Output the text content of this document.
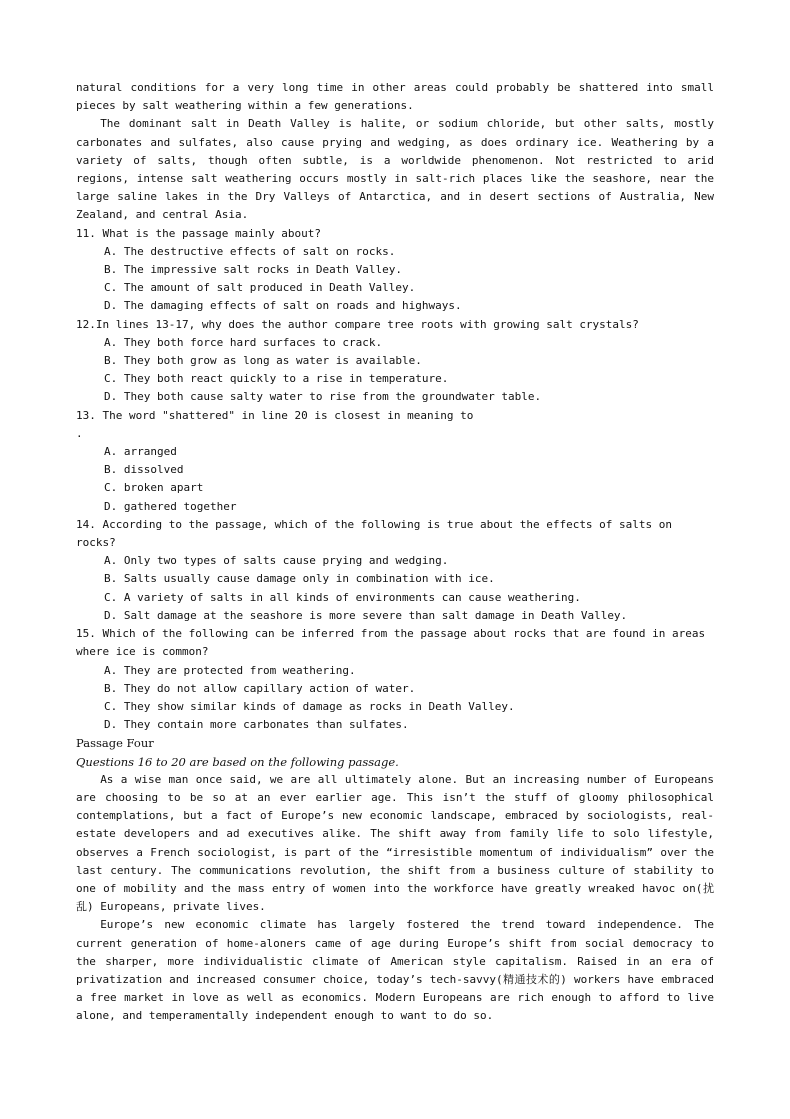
natural conditions for a very long time in other areas could probably be shattered into small pieces by salt weathering within a few generations.

The dominant salt in Death Valley is halite, or sodium chloride, but other salts, mostly carbonates and sulfates, also cause prying and wedging, as does ordinary ice. Weathering by a variety of salts, though often subtle, is a worldwide phenomenon. Not restricted to arid regions, intense salt weathering occurs mostly in salt-rich places like the seashore, near the large saline lakes in the Dry Valleys of Antarctica, and in desert sections of Australia, New Zealand, and central Asia.

11. What is the passage mainly about?

A. The destructive effects of salt on rocks.

B. The impressive salt rocks in Death Valley.

C. The amount of salt produced in Death Valley.

D. The damaging effects of salt on roads and highways.

12.In lines 13-17, why does the author compare tree roots with growing salt crystals?

A. They both force hard surfaces to crack.

B. They both grow as long as water is available.

C. They both react quickly to a rise in temperature.

D. They both cause salty water to rise from the groundwater table.

13. The word "shattered" in line 20 is closest in meaning to

.

A. arranged

B. dissolved

C. broken apart

D. gathered together

14. According to the passage, which of the following is true about the effects of salts on rocks?

A. Only two types of salts cause prying and wedging.

B. Salts usually cause damage only in combination with ice.

C. A variety of salts in all kinds of environments can cause weathering.

D. Salt damage at the seashore is more severe than salt damage in Death Valley.

15. Which of the following can be inferred from the passage about rocks that are found in areas where ice is common?

A. They are protected from weathering.

B. They do not allow capillary action of water.

C. They show similar kinds of damage as rocks in Death Valley.

D. They contain more carbonates than sulfates.

Passage Four

Questions 16 to 20 are based on the following passage.

As a wise man once said, we are all ultimately alone. But an increasing number of Europeans are choosing to be so at an ever earlier age. This isn’t the stuff of gloomy philosophical contemplations, but a fact of Europe’s new economic landscape, embraced by sociologists, real-estate developers and ad executives alike. The shift away from family life to solo lifestyle, observes a French sociologist, is part of the “irresistible momentum of individualism” over the last century. The communications revolution, the shift from a business culture of stability to one of mobility and the mass entry of women into the workforce have greatly wreaked havoc on(扰乱) Europeans, private lives.

Europe’s new economic climate has largely fostered the trend toward independence. The current generation of home-aloners came of age during Europe’s shift from social democracy to the sharper, more individualistic climate of American style capitalism. Raised in an era of privatization and increased consumer choice, today’s tech-savvy(精通技术的) workers have embraced a free market in love as well as economics. Modern Europeans are rich enough to afford to live alone, and temperamentally independent enough to want to do so.
